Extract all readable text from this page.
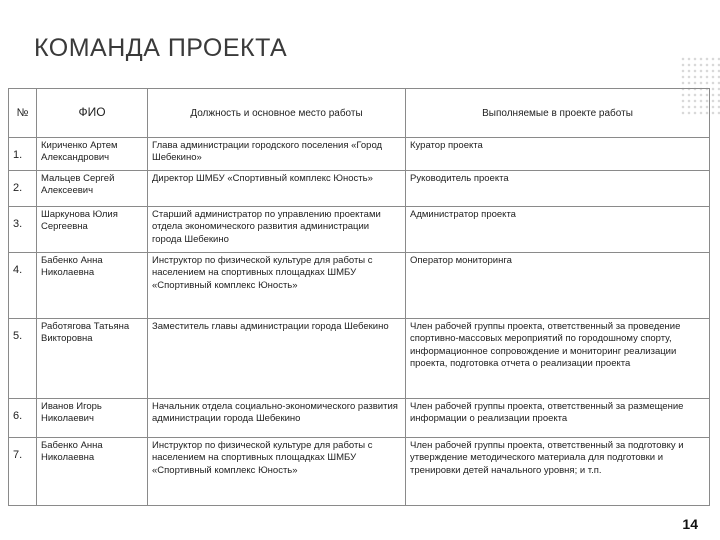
КОМАНДА ПРОЕКТА
№	ФИО	Должность и основное место работы	Выполняемые в проекте работы
1.	Кириченко Артем Александрович	Глава администрации городского поселения «Город Шебекино»	Куратор проекта
2.	Мальцев Сергей Алексеевич	Директор ШМБУ «Спортивный комплекс Юность»	Руководитель проекта
3.	Шаркунова Юлия Сергеевна	Старший администратор по управлению проектами отдела экономического развития администрации города Шебекино	Администратор проекта
4.	Бабенко Анна Николаевна	Инструктор по физической культуре для работы с населением на спортивных площадках ШМБУ «Спортивный комплекс Юность»	Оператор мониторинга
5.	Работягова Татьяна Викторовна	Заместитель главы администрации города Шебекино	Член рабочей группы проекта, ответственный за проведение спортивно-массовых мероприятий по городошному спорту, информационное сопровождение и мониторинг реализации проекта, подготовка отчета о реализации проекта
6.	Иванов Игорь Николаевич	Начальник отдела социально-экономического развития администрации города Шебекино	Член рабочей группы проекта, ответственный за размещение информации о реализации проекта
7.	Бабенко Анна Николаевна	Инструктор по физической культуре для работы с населением на спортивных площадках ШМБУ «Спортивный комплекс Юность»	Член рабочей группы проекта, ответственный за подготовку и утверждение методического материала для подготовки и тренировки детей начального уровня; и т.п.
14
